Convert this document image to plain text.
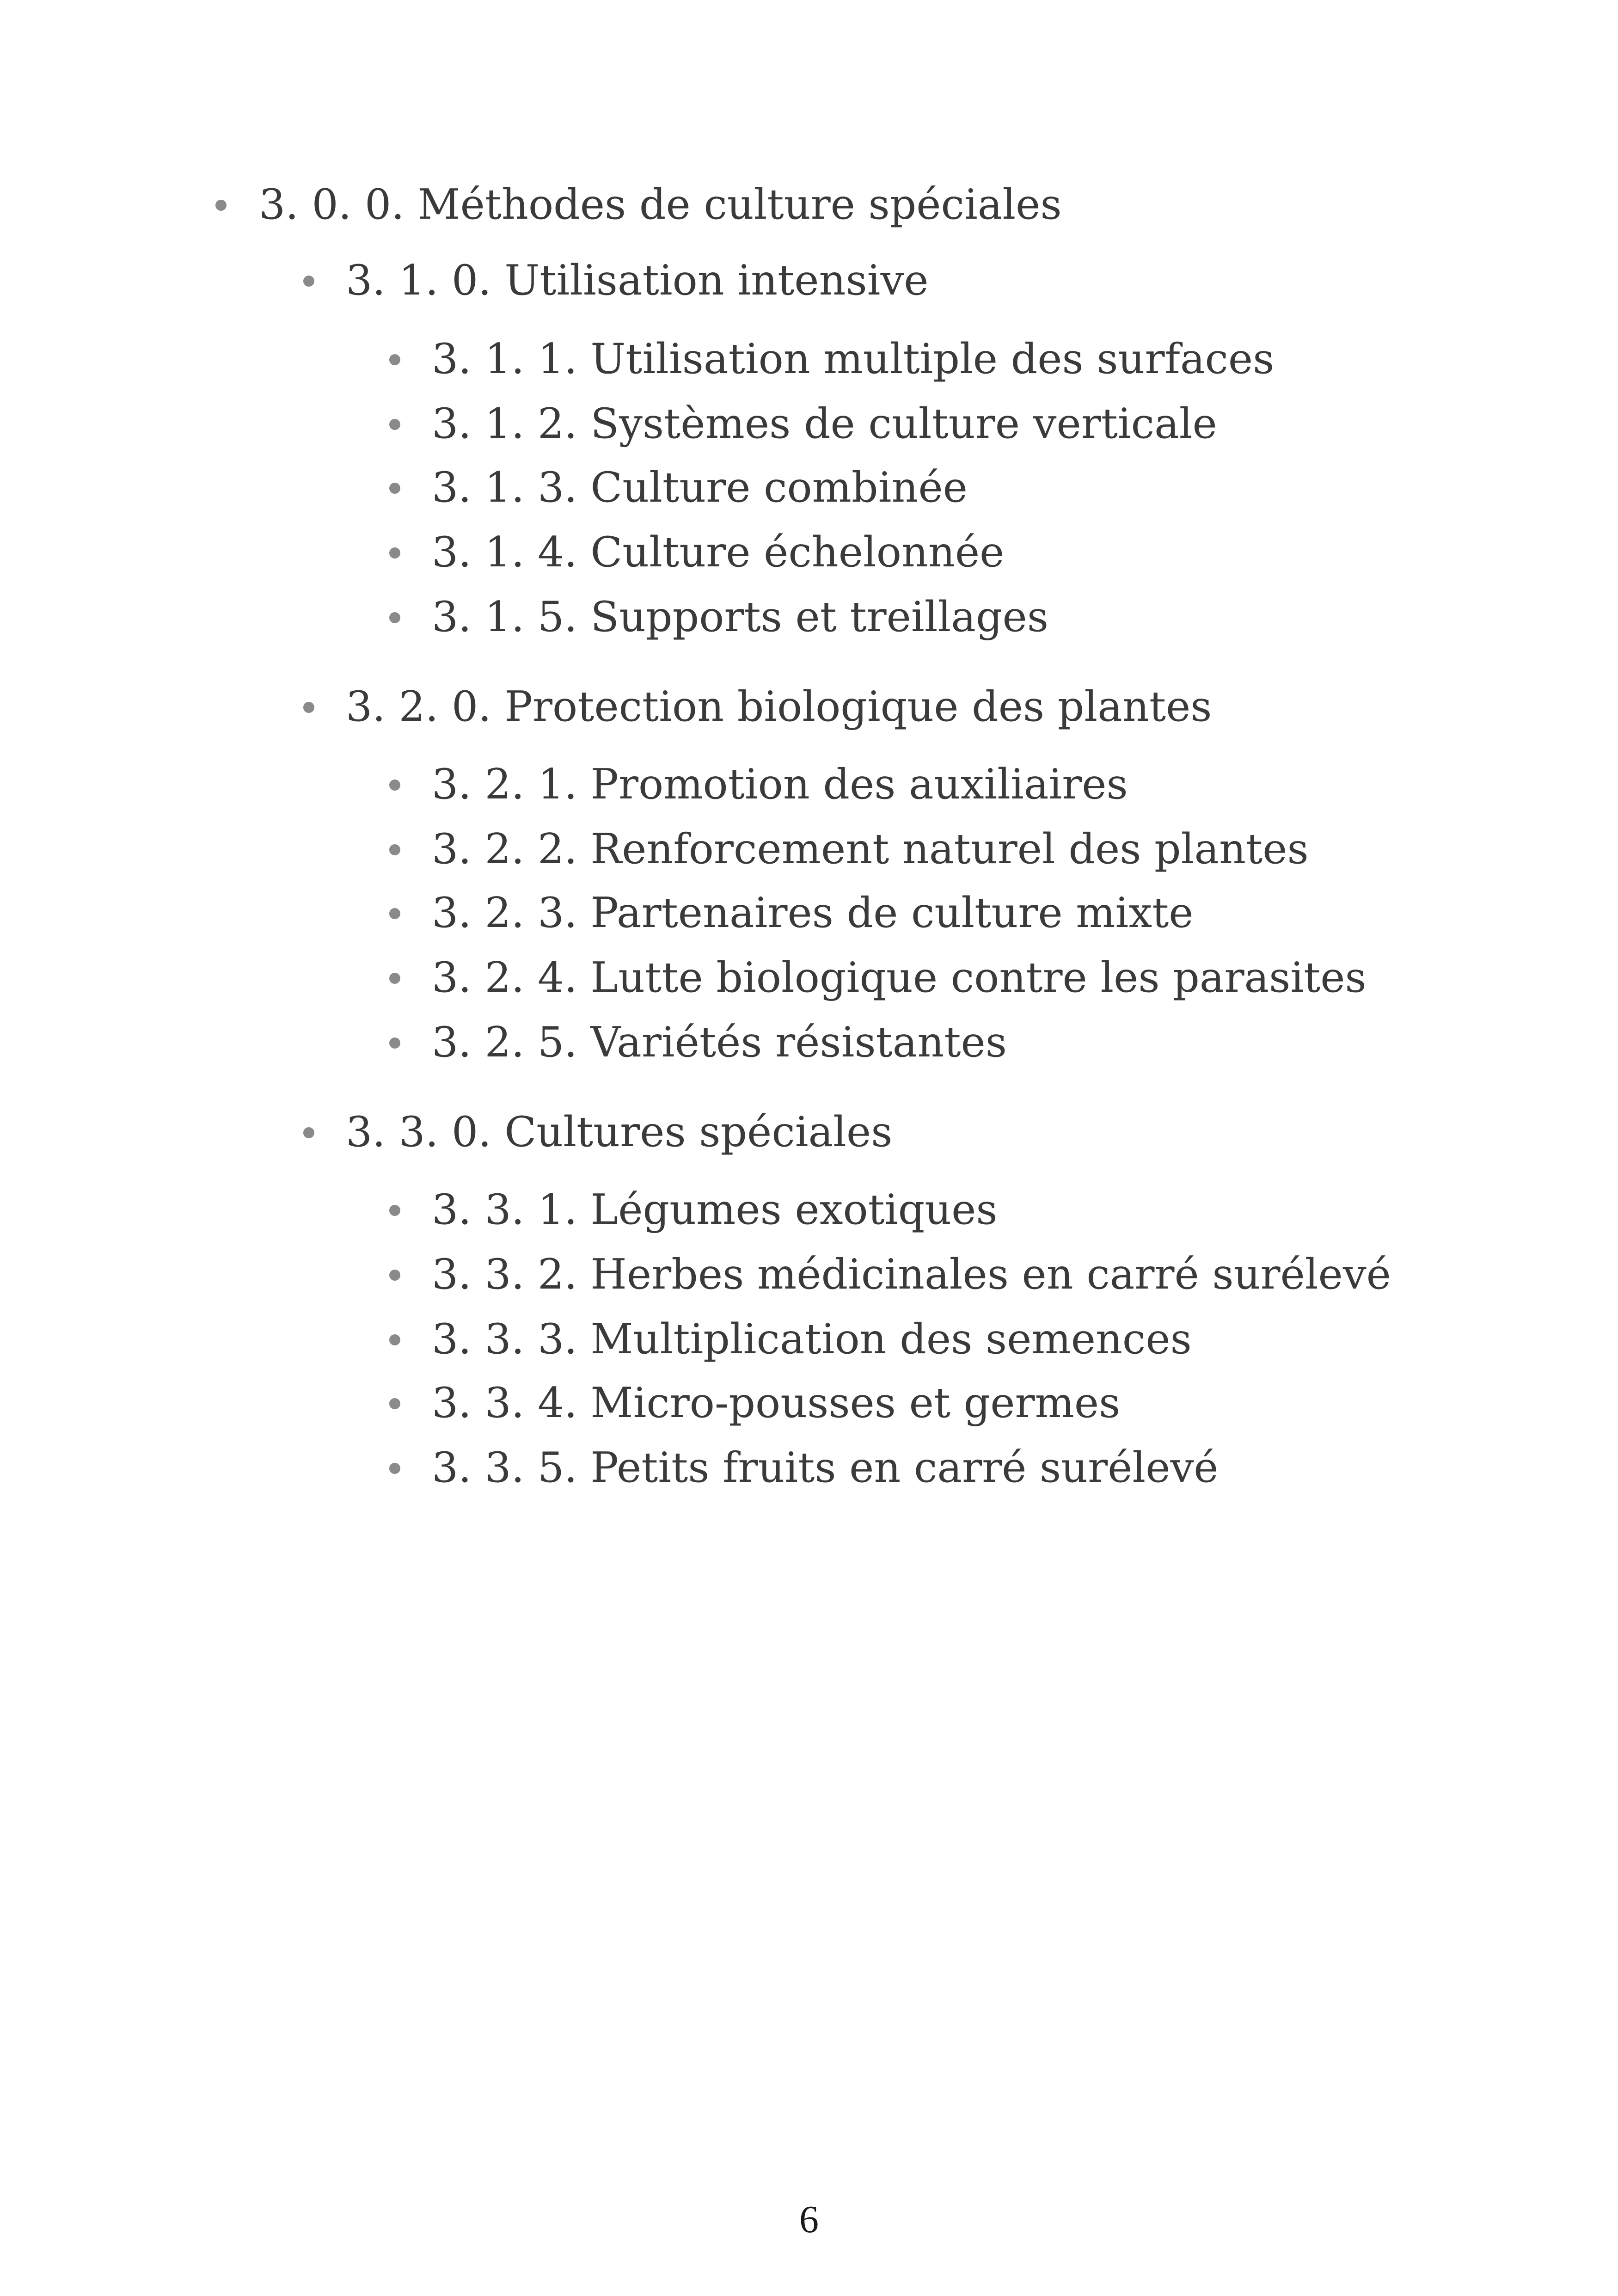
3. 0. 0. Méthodes de culture spéciales
3. 1. 0. Utilisation intensive
3. 1. 1. Utilisation multiple des surfaces
3. 1. 2. Systèmes de culture verticale
3. 1. 3. Culture combinée
3. 1. 4. Culture échelonnée
3. 1. 5. Supports et treillages
3. 2. 0. Protection biologique des plantes
3. 2. 1. Promotion des auxiliaires
3. 2. 2. Renforcement naturel des plantes
3. 2. 3. Partenaires de culture mixte
3. 2. 4. Lutte biologique contre les parasites
3. 2. 5. Variétés résistantes
3. 3. 0. Cultures spéciales
3. 3. 1. Légumes exotiques
3. 3. 2. Herbes médicinales en carré surélevé
3. 3. 3. Multiplication des semences
3. 3. 4. Micro-pousses et germes
3. 3. 5. Petits fruits en carré surélevé
6
